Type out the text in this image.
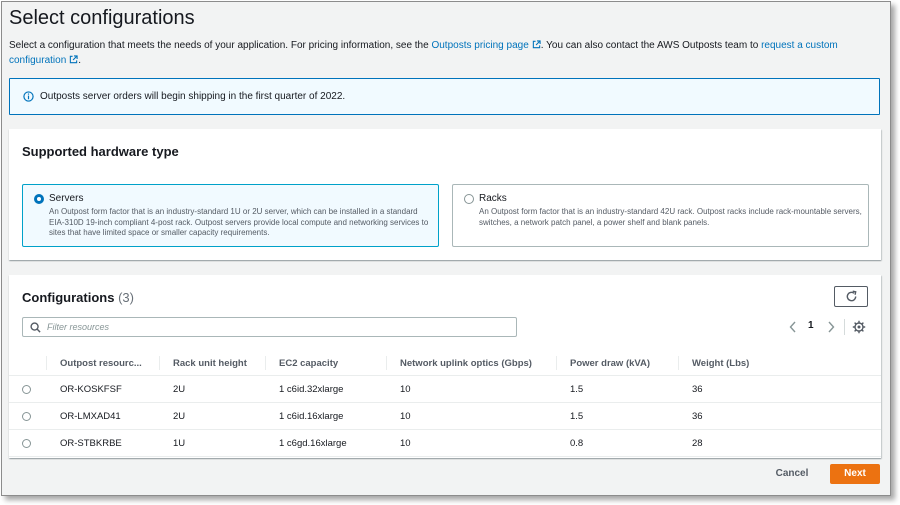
Select configurations

Select a configuration that meets the needs of your application. For pricing information, see the Outposts pricing page . You can also contact the AWS Outposts team to request a custom configuration .

Outposts server orders will begin shipping in the first quarter of 2022.
Supported hardware type
Servers
An Outpost form factor that is an industry-standard 1U or 2U server, which can be installed in a standard EIA-310D 19-inch compliant 4-post rack. Outpost servers provide local compute and networking services to sites that have limited space or smaller capacity requirements.
Racks
An Outpost form factor that is an industry-standard 42U rack. Outpost racks include rack-mountable servers, switches, a network patch panel, a power shelf and blank panels.
Configurations (3)
Filter resources
1
Outpost resourc...	Rack unit height	EC2 capacity	Network uplink optics (Gbps)	Power draw (kVA)	Weight (Lbs)
OR-KOSKFSF	2U	1 c6id.32xlarge	10	1.5	36
OR-LMXAD41	2U	1 c6id.16xlarge	10	1.5	36
OR-STBKRBE	1U	1 c6gd.16xlarge	10	0.8	28
Cancel	Next
